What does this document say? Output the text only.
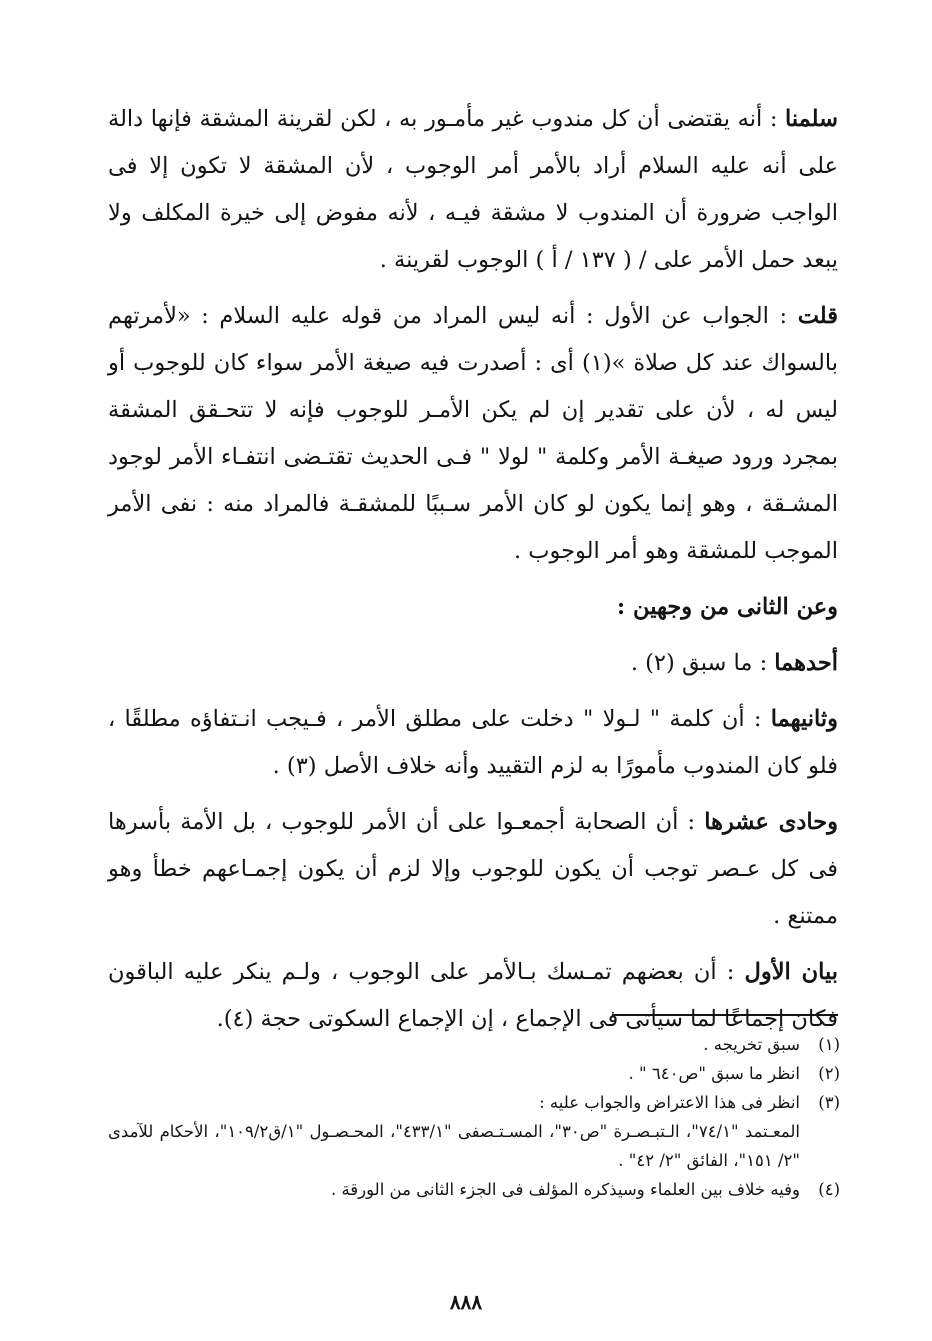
سلمنا : أنه يقتضى أن كل مندوب غير مأمـور به ، لكن لقرينة المشقة فإنها دالة على أنه عليه السلام أراد بالأمر أمر الوجوب ، لأن المشقة لا تكون إلا فى الواجب ضرورة أن المندوب لا مشقة فيـه ، لأنه مفوض إلى خيرة المكلف ولا يبعد حمل الأمر على / ( ١٣٧ / أ ) الوجوب لقرينة .

قلت : الجواب عن الأول : أنه ليس المراد من قوله عليه السلام : «لأمرتهم بالسواك عند كل صلاة »(١) أى : أصدرت فيه صيغة الأمر سواء كان للوجوب أو ليس له ، لأن على تقدير إن لم يكن الأمـر للوجوب فإنه لا تتحـقق المشقة بمجرد ورود صيغـة الأمر وكلمة " لولا " فـى الحديث تقتـضى انتفـاء الأمر لوجود المشـقة ، وهو إنما يكون لو كان الأمر سـببًا للمشقـة فالمراد منه : نفى الأمر الموجب للمشقة وهو أمر الوجوب .

وعن الثانى من وجهين :

أحدهما : ما سبق (٢) .

وثانيهما : أن كلمة " لـولا " دخلت على مطلق الأمر ، فـيجب انـتفاؤه مطلقًا ، فلو كان المندوب مأمورًا به لزم التقييد وأنه خلاف الأصل (٣) .

وحادى عشرها : أن الصحابة أجمعـوا على أن الأمر للوجوب ، بل الأمة بأسرها فى كل عـصر توجب أن يكون للوجوب وإلا لزم أن يكون إجمـاعهم خطأ وهو ممتنع .

بيان الأول : أن بعضهم تمـسك بـالأمر على الوجوب ، ولـم ينكر عليه الباقون فكان إجماعًا لما سيأتى فى الإجماع ، إن الإجماع السكوتى حجة (٤).

(١)
سبق تخريجه .
(٢)
انظر ما سبق "ص٦٤٠ " .
(٣)
انظر فى هذا الاعتراض والجواب عليه :
المعـتمد "٧٤/١"، الـتبـصـرة "ص٣٠"، المسـتـصفى "٤٣٣/١"، المحـصـول "١/ق١٠٩/٢"، الأحكام للآمدى "٢/ ١٥١"، الفائق "٢/ ٤٢" .
(٤)
وفيه خلاف بين العلماء وسيذكره المؤلف فى الجزء الثانى من الورقة .
٨٨٨
